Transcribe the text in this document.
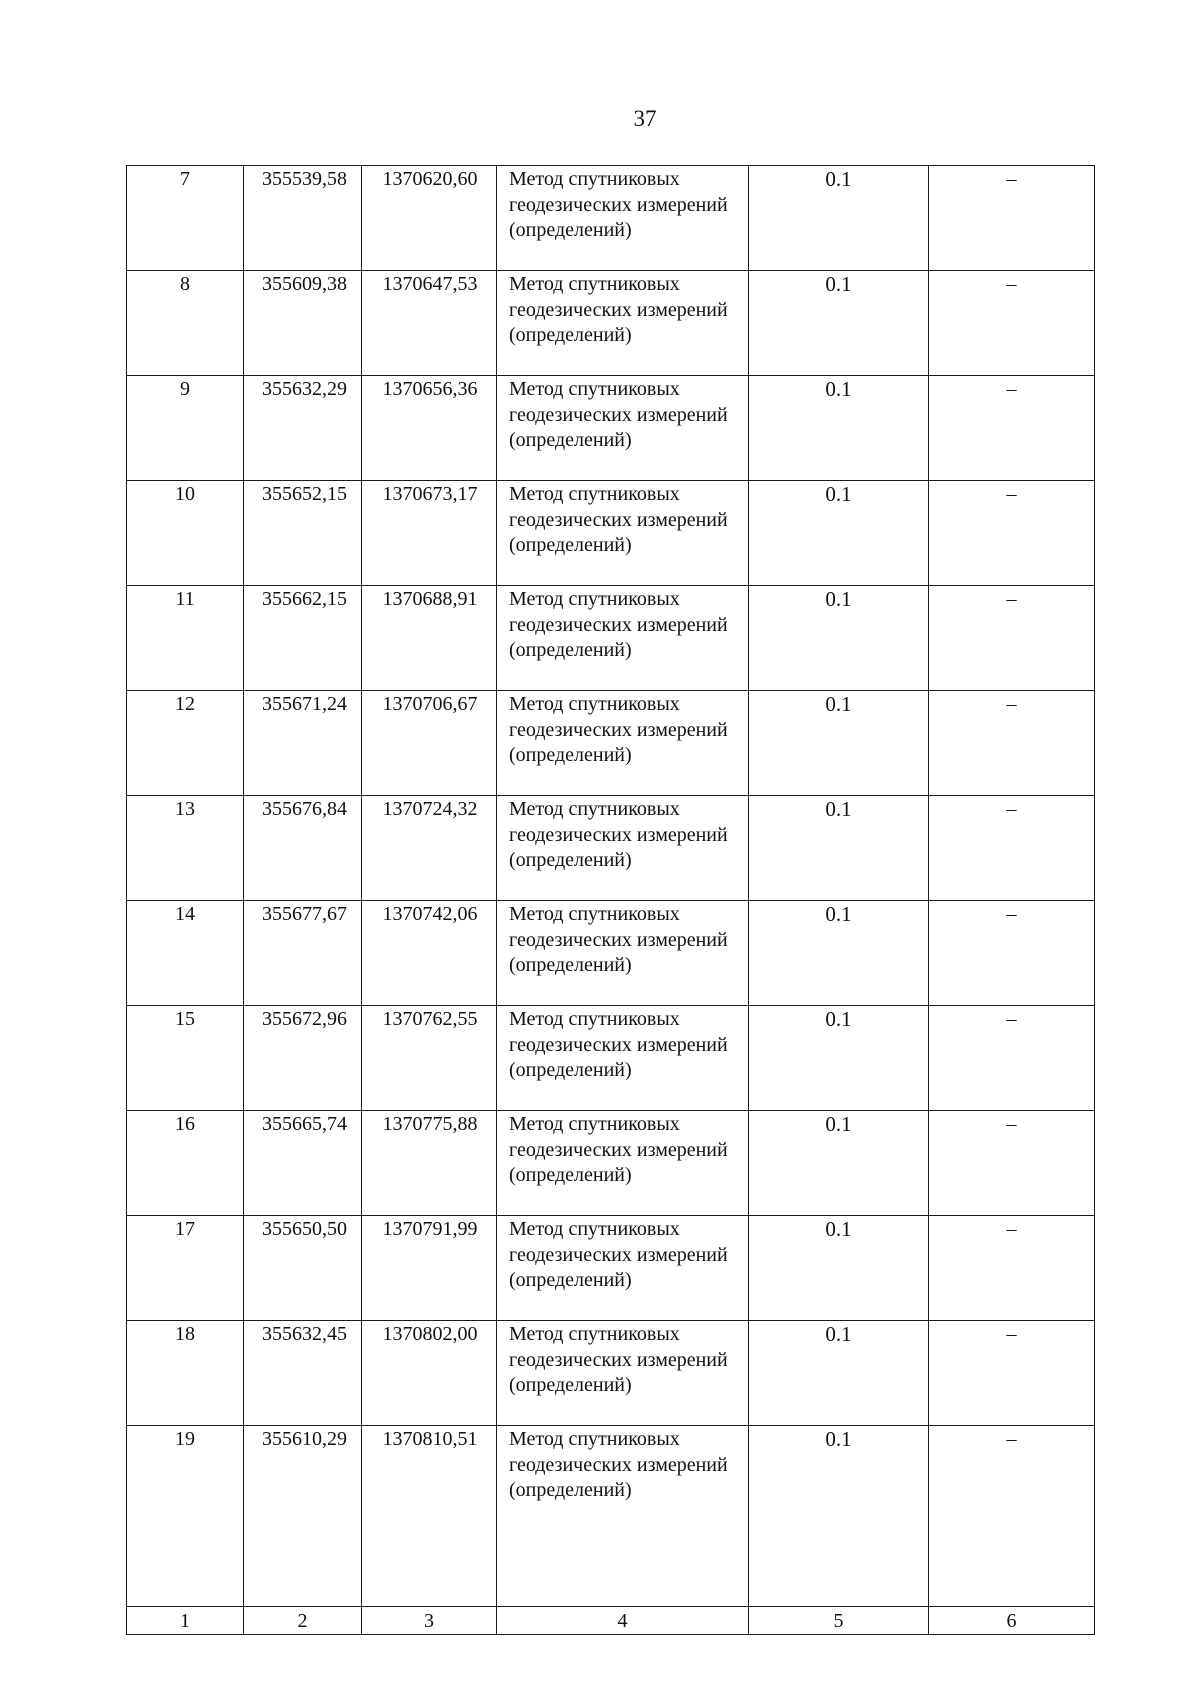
37
7	355539,58	1370620,60	Метод спутниковых геодезических измерений (определений)	0.1	–
8	355609,38	1370647,53	Метод спутниковых геодезических измерений (определений)	0.1	–
9	355632,29	1370656,36	Метод спутниковых геодезических измерений (определений)	0.1	–
10	355652,15	1370673,17	Метод спутниковых геодезических измерений (определений)	0.1	–
11	355662,15	1370688,91	Метод спутниковых геодезических измерений (определений)	0.1	–
12	355671,24	1370706,67	Метод спутниковых геодезических измерений (определений)	0.1	–
13	355676,84	1370724,32	Метод спутниковых геодезических измерений (определений)	0.1	–
14	355677,67	1370742,06	Метод спутниковых геодезических измерений (определений)	0.1	–
15	355672,96	1370762,55	Метод спутниковых геодезических измерений (определений)	0.1	–
16	355665,74	1370775,88	Метод спутниковых геодезических измерений (определений)	0.1	–
17	355650,50	1370791,99	Метод спутниковых геодезических измерений (определений)	0.1	–
18	355632,45	1370802,00	Метод спутниковых геодезических измерений (определений)	0.1	–
19	355610,29	1370810,51	Метод спутниковых геодезических измерений (определений)	0.1	–
1	2	3	4	5	6
